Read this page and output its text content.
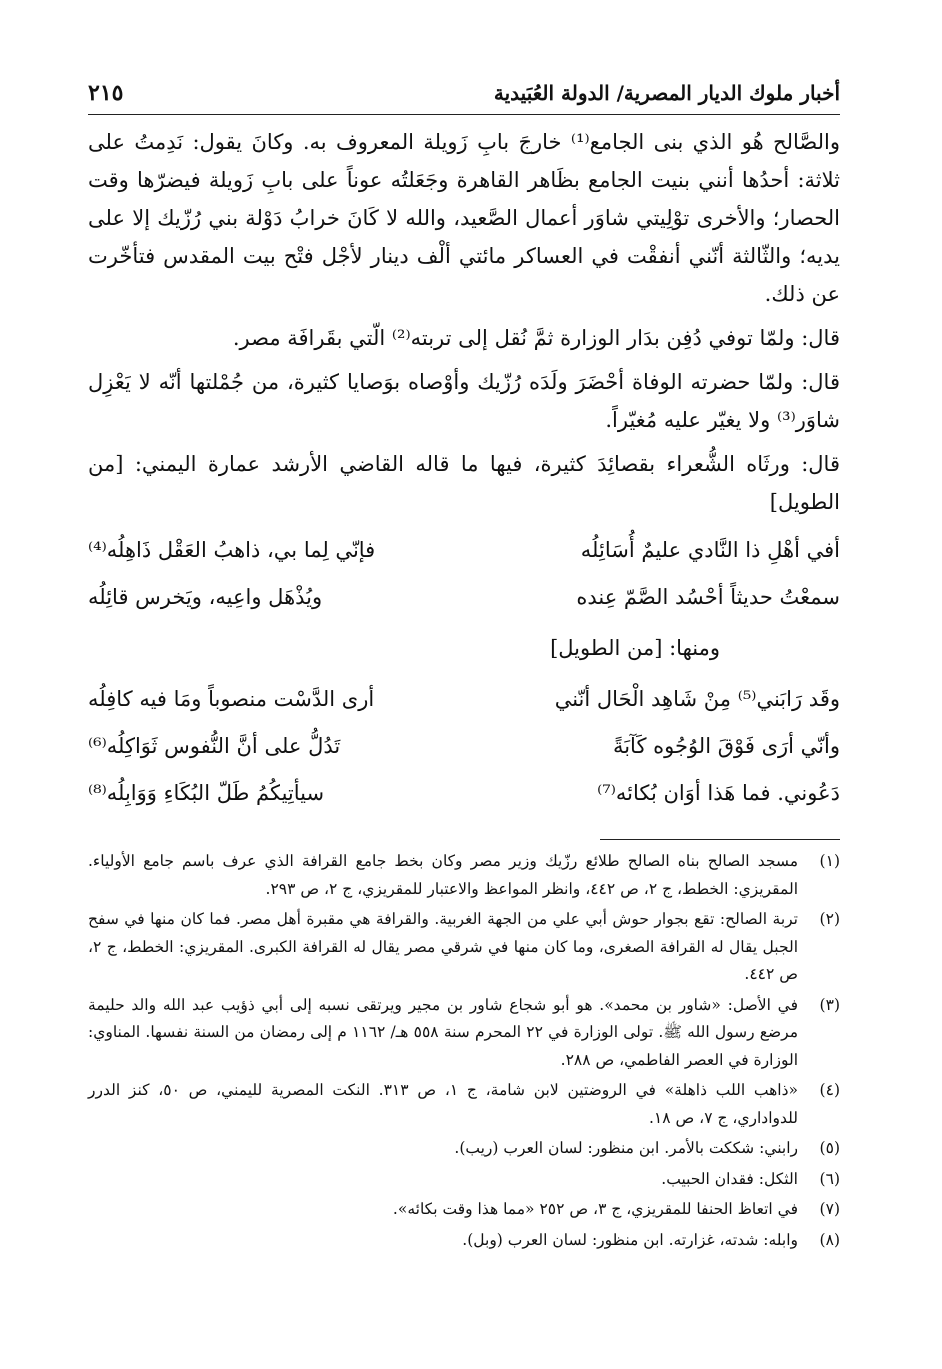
أخبار ملوك الديار المصرية/ الدولة العُبَيدية
٢١٥

والصَّالح هُو الذي بنى الجامع⁽¹⁾ خارجَ بابِ زَويلة المعروف به. وكانَ يقول: نَدِمتُ على ثلاثة: أحدُها أنني بنيت الجامع بظَاهر القاهرة وجَعَلتُه عوناً على بابِ زَويلة فيضرّها وقت الحصار؛ والأخرى توْلِيتي شاوَر أعمال الصَّعيد، والله لا كَانَ خرابُ دَوْلة بني رُزّيك إلا على يديه؛ والثّالثة أنّني أنفقْت في العساكر مائتي ألْف دينار لأجْل فتْح بيت المقدس فتأخّرت عن ذلك.

قال: ولمّا توفي دُفِن بدَار الوزارة ثمَّ نُقل إلى تربته⁽²⁾ الّتي بقَرافَة مصر.

قال: ولمّا حضرته الوفاة أحْضَرَ ولَدَه رُزّيك وأوْصاه بوَصايا كثيرة، من جُمْلتها أنّه لا يَعْزِل شاوَر⁽³⁾ ولا يغيّر عليه مُغيّراً.

قال: ورثَاه الشُّعراء بقصائِدَ كثيرة، فيها ما قاله القاضي الأرشد عمارة اليمني: [من الطويل]

أفي أهْلِ ذا النَّادي عليمٌ أُسَائِلُه
فإنّي لِما بي، ذاهبُ العَقْل ذَاهِلُه⁽⁴⁾
سمعْتُ حديثاً أحْسُد الصَّمّ عِنده
ويُذْهَل واعِيه، ويَخرس قائِلُه
ومنها: [من الطويل]
وقَد رَابَني⁽⁵⁾ مِنْ شَاهِد الْحَال أنّني
أرى الدَّسْت منصوباً ومَا فيه كافِلُه
وأنّي أرَى فَوْقَ الوُجُوه كَآبَةً
تَدُلُّ على أنَّ النُّفوس ثَوَاكِلُه⁽⁶⁾
دَعُوني. فما هَذا أوَان بُكائه⁽⁷⁾
سيأتِيكُمُ طَلّ البُكَاءِ وَوَابِلُه⁽⁸⁾
(١)
مسجد الصالح بناه الصالح طلائع رزّيك وزير مصر وكان بخط جامع القرافة الذي عرف باسم جامع الأولياء. المقريزي: الخطط، ج ٢، ص ٤٤٢، وانظر المواعظ والاعتبار للمقريزي، ج ٢، ص ٢٩٣.
(٢)
تربة الصالح: تقع بجوار حوش أبي علي من الجهة الغربية. والقرافة هي مقبرة أهل مصر. فما كان منها في سفح الجبل يقال له القرافة الصغرى، وما كان منها في شرقي مصر يقال له القرافة الكبرى. المقريزي: الخطط، ج ٢، ص ٤٤٢.
(٣)
في الأصل: «شاور بن محمد». هو أبو شجاع شاور بن مجير ويرتقى نسبه إلى أبي ذؤيب عبد الله والد حليمة مرضع رسول الله ﷺ. تولى الوزارة في ٢٢ المحرم سنة ٥٥٨ هـ/ ١١٦٢ م إلى رمضان من السنة نفسها. المناوي: الوزارة في العصر الفاطمي، ص ٢٨٨.
(٤)
«ذاهب اللب ذاهلة» في الروضتين لابن شامة، ج ١، ص ٣١٣. النكت المصرية لليمني، ص ٥٠، كنز الدرر للدواداري، ج ٧، ص ١٨.
(٥)
رابني: شككت بالأمر. ابن منظور: لسان العرب (ريب).
(٦)
الثكل: فقدان الحبيب.
(٧)
في اتعاظ الحنفا للمقريزي، ج ٣، ص ٢٥٢ «مما هذا وقت بكائه».
(٨)
وابله: شدته، غزارته. ابن منظور: لسان العرب (وبل).
